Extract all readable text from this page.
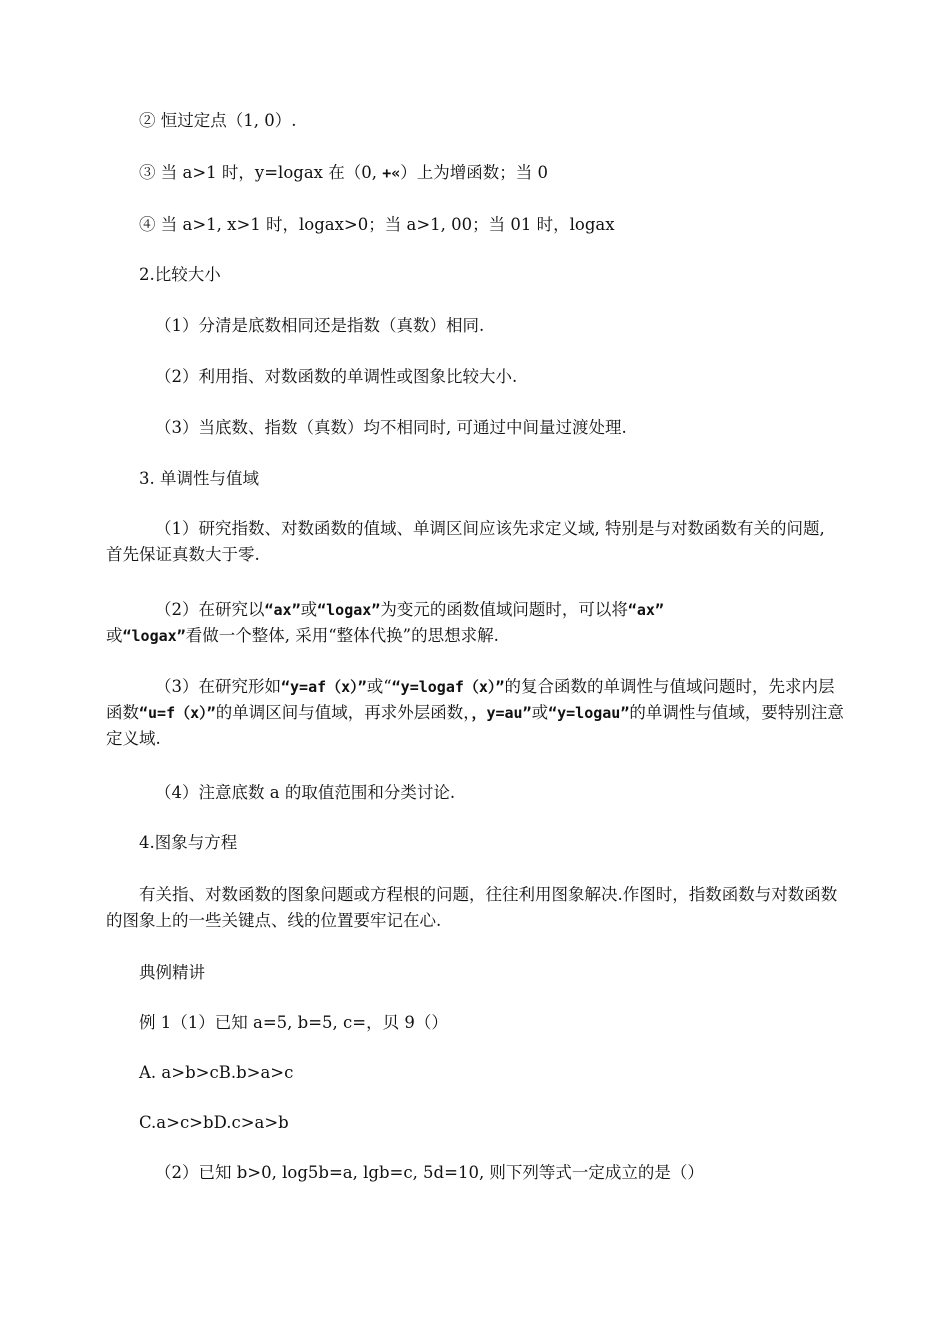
② 恒过定点（1, 0）.
③ 当 a>1 时，y=logax 在（0, +«）上为增函数；当 0
④ 当 a>1, x>1 时，logax>0；当 a>1, 00；当 01 时，logax
2.比较大小
（1）分清是底数相同还是指数（真数）相同.
（2）利用指、对数函数的单调性或图象比较大小.
（3）当底数、指数（真数）均不相同时, 可通过中间量过渡处理.
3. 单调性与值域
（1）研究指数、对数函数的值域、单调区间应该先求定义域, 特别是与对数函数有关的问题, 首先保证真数大于零.
（2）在研究以“ax”或“logax”为变元的函数值域问题时，可以将“ax”
或“logax”看做一个整体, 采用“整体代换”的思想求解.
（3）在研究形如“y=af（x）”或““y=logaf（x）”的复合函数的单调性与值域问题时，先求内层函数“u=f（x）”的单调区间与值域，再求外层函数，，y=au”或“y=logau”的单调性与值域，要特别注意定义域.
（4）注意底数 a 的取值范围和分类讨论.
4.图象与方程
有关指、对数函数的图象问题或方程根的问题，往往利用图象解决.作图时，指数函数与对数函数的图象上的一些关键点、线的位置要牢记在心.
典例精讲
例 1（1）已知 a=5, b=5, c=，贝 9（）
A. a>b>cB.b>a>c
C.a>c>bD.c>a>b
（2）已知 b>0, log5b=a, lgb=c, 5d=10, 则下列等式一定成立的是（）
